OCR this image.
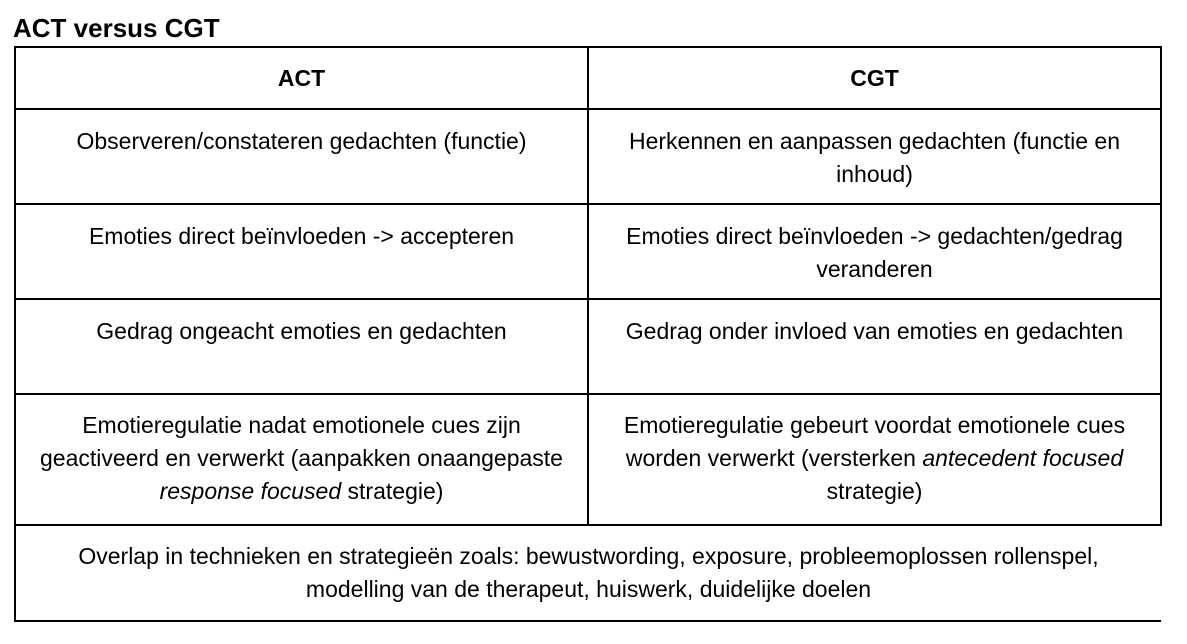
ACT versus CGT
ACT	CGT
Observeren/constateren gedachten (functie)	Herkennen en aanpassen gedachten (functie en inhoud)
Emoties direct beïnvloeden -> accepteren	Emoties direct beïnvloeden -> gedachten/gedrag veranderen
Gedrag ongeacht emoties en gedachten	Gedrag onder invloed van emoties en gedachten
Emotieregulatie nadat emotionele cues zijn geactiveerd en verwerkt (aanpakken onaangepaste response focused strategie)	Emotieregulatie gebeurt voordat emotionele cues worden verwerkt (versterken antecedent focused strategie)
Overlap in technieken en strategieën zoals: bewustwording, exposure, probleemoplossen rollenspel, modelling van de therapeut, huiswerk, duidelijke doelen	
